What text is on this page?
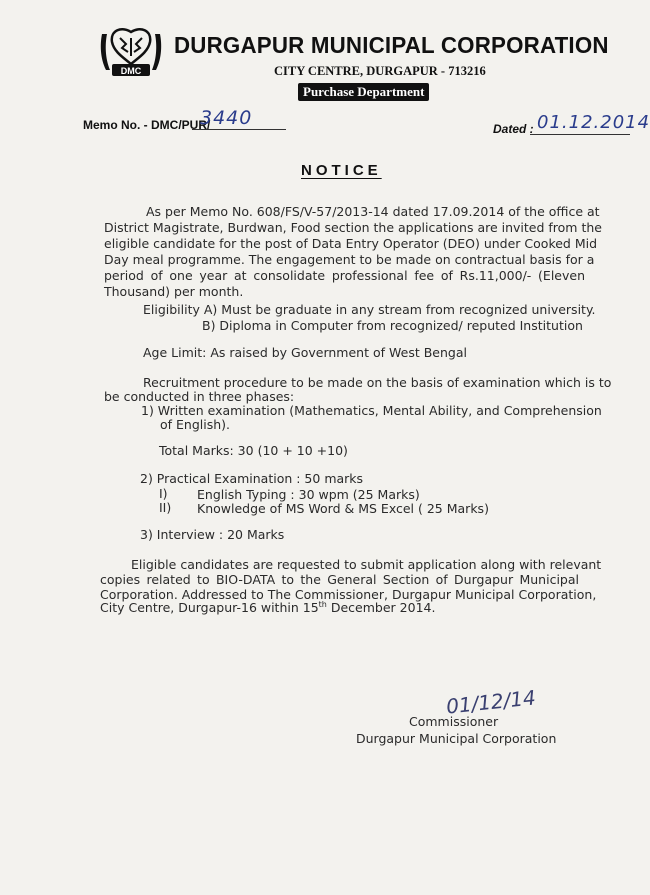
DMC
DURGAPUR MUNICIPAL CORPORATION
CITY CENTRE, DURGAPUR - 713216
Purchase Department
Memo No. - DMC/PUR/
3440	Dated : 01.12.2014
NOTICE
As per Memo No. 608/FS/V-57/2013-14 dated 17.09.2014 of the office at
District Magistrate, Burdwan, Food section the applications are invited from the
eligible candidate for the post of Data Entry Operator (DEO) under Cooked Mid
Day meal programme. The engagement to be made on contractual basis for a
period of one year at consolidate professional fee of Rs.11,000/- (Eleven
Thousand) per month.
Eligibility A) Must be graduate in any stream from recognized university.
B) Diploma in Computer from recognized/ reputed Institution
Age Limit: As raised by Government of West Bengal
Recruitment procedure to be made on the basis of examination which is to
be conducted in three phases:
1) Written examination (Mathematics, Mental Ability, and Comprehension
of English).
Total Marks: 30 (10 + 10 +10)
2) Practical Examination : 50 marks
I) English Typing : 30 wpm (25 Marks)
II) Knowledge of MS Word & MS Excel ( 25 Marks)
3) Interview : 20 Marks
Eligible candidates are requested to submit application along with relevant
copies related to BIO-DATA to the General Section of Durgapur Municipal
Corporation. Addressed to The Commissioner, Durgapur Municipal Corporation,
City Centre, Durgapur-16 within 15th December 2014.
01/12/14
Commissioner
Durgapur Municipal Corporation
